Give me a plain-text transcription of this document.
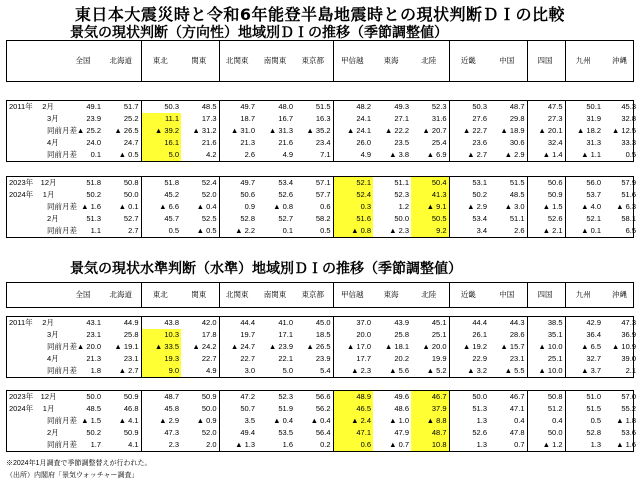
東日本大震災時と令和6年能登半島地震時との現状判断ＤＩの比較
景気の現状判断（方向性）地域別ＤＩの推移（季節調整値）
	全国	北海道	東北	関東	北関東	南関東	東京都	甲信越	東海	北陸	近畿	中国	四国	九州	沖縄
2011年　 2月	49.1	51.7	50.3	48.5	49.7	48.0	51.5	48.2	49.3	52.3	50.3	48.7	47.5	50.1	45.3
3月	23.9	25.2	11.1	17.3	18.7	16.7	16.3	24.1	27.1	31.6	27.6	29.8	27.3	31.9	32.8
同前月差	▲ 25.2	▲ 26.5	▲ 39.2	▲ 31.2	▲ 31.0	▲ 31.3	▲ 35.2	▲ 24.1	▲ 22.2	▲ 20.7	▲ 22.7	▲ 18.9	▲ 20.1	▲ 18.2	▲ 12.5
4月	24.0	24.7	16.1	21.6	21.3	21.6	23.4	26.0	23.5	25.4	23.6	30.6	32.4	31.3	33.3
同前月差	0.1	▲ 0.5	5.0	4.2	2.6	4.9	7.1	4.9	▲ 3.8	▲ 6.9	▲ 2.7	▲ 2.9	▲ 1.4	▲ 1.1	0.5
2023年　12月	51.8	50.8	51.8	52.4	49.7	53.4	57.1	52.1	51.1	50.4	53.1	51.5	50.6	56.0	57.9
2024年　 1月	50.2	50.0	45.2	52.0	50.6	52.6	57.7	52.4	52.3	41.3	50.2	48.5	50.9	53.7	51.6
同前月差	▲ 1.6	▲ 0.1	▲ 6.6	▲ 0.4	0.9	▲ 0.8	0.6	0.3	1.2	▲ 9.1	▲ 2.9	▲ 3.0	▲ 1.5	▲ 4.0	▲ 6.3
2月	51.3	52.7	45.7	52.5	52.8	52.7	58.2	51.6	50.0	50.5	53.4	51.1	52.6	52.1	58.1
同前月差	1.1	2.7	0.5	▲ 0.5	▲ 2.2	0.1	0.5	▲ 0.8	▲ 2.3	9.2	3.4	2.6	▲ 2.1	▲ 0.1	6.5
景気の現状水準判断（水準）地域別ＤＩの推移（季節調整値）
	全国	北海道	東北	関東	北関東	南関東	東京都	甲信越	東海	北陸	近畿	中国	四国	九州	沖縄
2011年　 2月	43.1	44.9	43.8	42.0	44.4	41.0	45.0	37.0	43.9	45.1	44.4	44.3	38.5	42.9	47.3
3月	23.1	25.8	10.3	17.8	19.7	17.1	18.5	20.0	25.8	25.1	26.1	28.6	35.1	36.4	36.9
同前月差	▲ 20.0	▲ 19.1	▲ 33.5	▲ 24.2	▲ 24.7	▲ 23.9	▲ 26.5	▲ 17.0	▲ 18.1	▲ 20.0	▲ 19.2	▲ 15.7	▲ 10.0	▲ 6.5	▲ 10.9
4月	21.3	23.1	19.3	22.7	22.7	22.1	23.9	17.7	20.2	19.9	22.9	23.1	25.1	32.7	39.0
同前月差	1.8	▲ 2.7	9.0	4.9	3.0	5.0	5.4	▲ 2.3	▲ 5.6	▲ 5.2	▲ 3.2	▲ 5.5	▲ 10.0	▲ 3.7	2.1
2023年　12月	50.0	50.9	48.7	50.9	47.2	52.3	56.6	48.9	49.6	46.7	50.0	46.7	50.8	51.0	57.0
2024年　 1月	48.5	46.8	45.8	50.0	50.7	51.9	56.2	46.5	48.6	37.9	51.3	47.1	51.2	51.5	55.2
同前月差	▲ 1.5	▲ 4.1	▲ 2.9	▲ 0.9	3.5	▲ 0.4	▲ 0.4	▲ 2.4	▲ 1.0	▲ 8.8	1.3	0.4	0.4	0.5	▲ 1.8
2月	50.2	50.9	47.3	52.0	49.4	53.5	56.4	47.1	47.9	48.7	52.6	47.8	50.0	52.8	53.6
同前月差	1.7	4.1	2.3	2.0	▲ 1.3	1.6	0.2	0.6	▲ 0.7	10.8	1.3	0.7	▲ 1.2	1.3	▲ 1.6
※2024年1月調査で季節調整替えが行われた。
（出所）内閣府「景気ウォッチャー調査」
